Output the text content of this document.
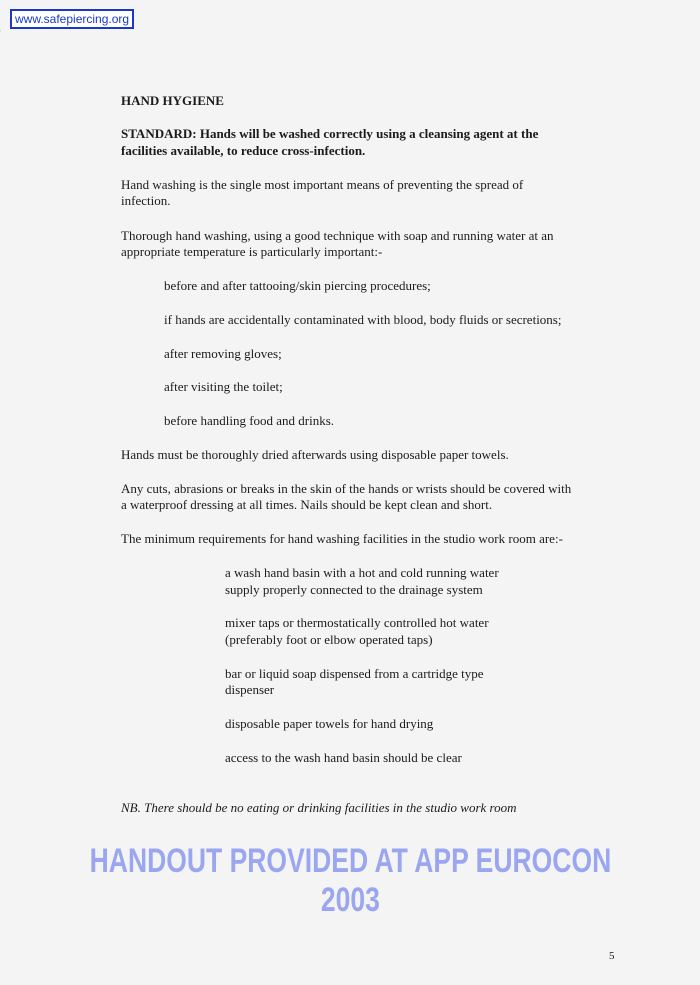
www.safepiercing.org

HAND HYGIENE

STANDARD: Hands will be washed correctly using a cleansing agent at the

facilities available, to reduce cross-infection.

Hand washing is the single most important means of preventing the spread of

infection.

Thorough hand washing, using a good technique with soap and running water at an

appropriate temperature is particularly important:-

before and after tattooing/skin piercing procedures;

if hands are accidentally contaminated with blood, body fluids or secretions;

after removing gloves;

after visiting the toilet;

before handling food and drinks.

Hands must be thoroughly dried afterwards using disposable paper towels.

Any cuts, abrasions or breaks in the skin of the hands or wrists should be covered with

a waterproof dressing at all times. Nails should be kept clean and short.

The minimum requirements for hand washing facilities in the studio work room are:-

a wash hand basin with a hot and cold running water

supply properly connected to the drainage system

mixer taps or thermostatically controlled hot water

(preferably foot or elbow operated taps)

bar or liquid soap dispensed from a cartridge type

dispenser

disposable paper towels for hand drying

access to the wash hand basin should be clear

NB. There should be no eating or drinking facilities in the studio work room

HANDOUT PROVIDED AT APP EUROCON 2003
5
